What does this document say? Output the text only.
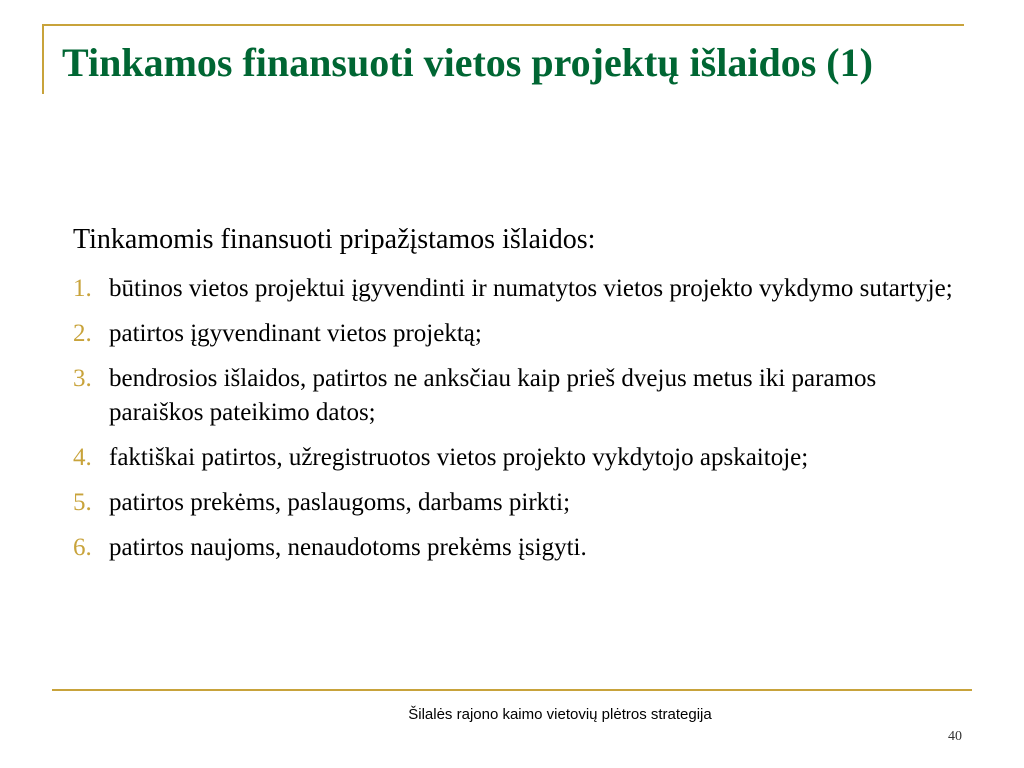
Tinkamos finansuoti vietos projektų išlaidos (1)
Tinkamomis finansuoti pripažįstamos išlaidos:
1. būtinos vietos projektui įgyvendinti ir numatytos vietos projekto vykdymo sutartyje;
2. patirtos įgyvendinant vietos projektą;
3. bendrosios išlaidos, patirtos ne anksčiau kaip prieš dvejus metus iki paramos paraiškos pateikimo datos;
4. faktiškai patirtos, užregistruotos vietos projekto vykdytojo apskaitoje;
5. patirtos prekėms, paslaugoms, darbams pirkti;
6. patirtos naujoms, nenaudotoms prekėms įsigyti.
Šilalės rajono kaimo vietovių plėtros strategija
40
